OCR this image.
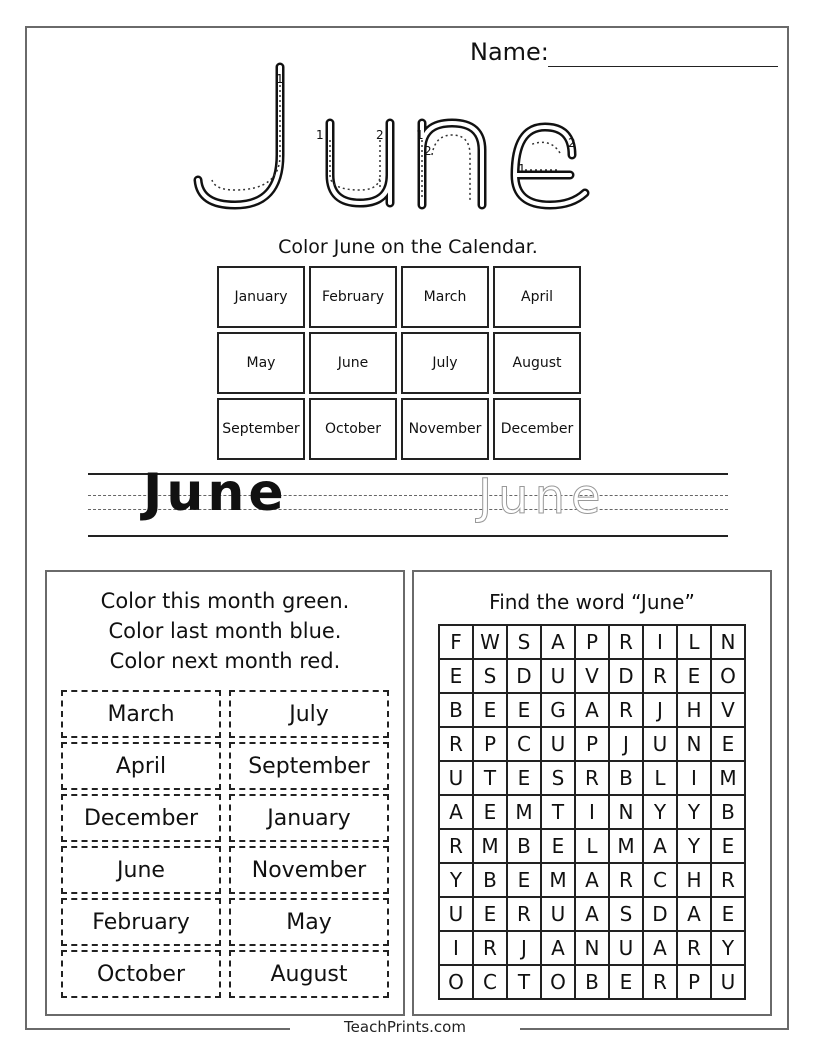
TeachPrints.com
Name:
1
1	2	1
2
1
2
Color June on the Calendar.
January	February	March	April
May	June	July	August
September	October	November	December
June	June
Color this month green.
Color last month blue.
Color next month red.
March	July
April	September
December	January
June	November
February	May
October	August
Find the word “June”
F W S	A	P	R	I	L	N
E	S D U V D R	E O
B	E	E G A	R	J	H V
R	P	C U	P	J	U N	E
U	T	E	S	R	B	L	I	M
A	E M T	I	N	Y	Y	B
R M B	E	L M A	Y	E
Y	B	E M A	R	C H R
U	E	R U A	S D A	E
I	R	J	A N U A	R	Y
O C	T	O B	E	R	P	U
